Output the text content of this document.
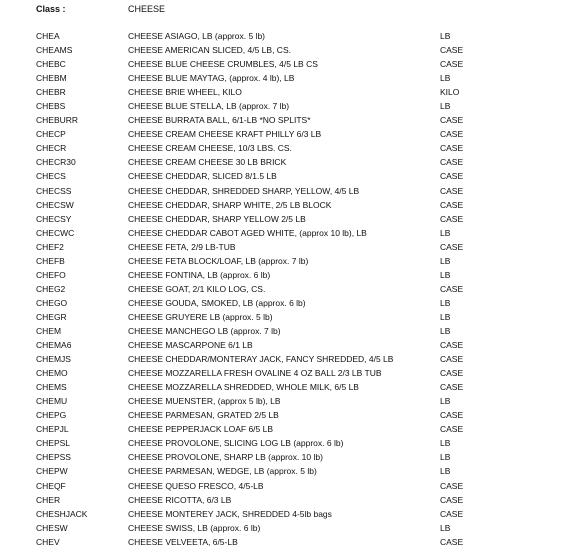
Class :	CHEESE
CHEA	CHEESE ASIAGO, LB (approx. 5 lb)	LB
CHEAMS	CHEESE AMERICAN SLICED, 4/5 LB, CS.	CASE
CHEBC	CHEESE BLUE CHEESE CRUMBLES, 4/5 LB CS	CASE
CHEBM	CHEESE BLUE MAYTAG, (approx. 4 lb), LB	LB
CHEBR	CHEESE BRIE WHEEL, KILO	KILO
CHEBS	CHEESE BLUE STELLA, LB (approx. 7 lb)	LB
CHEBURR	CHEESE BURRATA BALL, 6/1-LB *NO SPLITS*	CASE
CHECP	CHEESE CREAM CHEESE KRAFT PHILLY 6/3 LB	CASE
CHECR	CHEESE CREAM CHEESE, 10/3 LBS. CS.	CASE
CHECR30	CHEESE CREAM CHEESE 30 LB BRICK	CASE
CHECS	CHEESE CHEDDAR, SLICED 8/1.5 LB	CASE
CHECSS	CHEESE CHEDDAR, SHREDDED SHARP, YELLOW, 4/5 LB	CASE
CHECSW	CHEESE CHEDDAR, SHARP WHITE, 2/5 LB BLOCK	CASE
CHECSY	CHEESE CHEDDAR, SHARP YELLOW 2/5 LB	CASE
CHECWC	CHEESE CHEDDAR CABOT AGED WHITE, (approx 10 lb), LB	LB
CHEF2	CHEESE FETA, 2/9 LB-TUB	CASE
CHEFB	CHEESE FETA BLOCK/LOAF, LB (approx. 7 lb)	LB
CHEFO	CHEESE FONTINA, LB (approx. 6 lb)	LB
CHEG2	CHEESE GOAT, 2/1 KILO LOG, CS.	CASE
CHEGO	CHEESE GOUDA, SMOKED, LB (approx. 6 lb)	LB
CHEGR	CHEESE GRUYERE LB (approx. 5 lb)	LB
CHEM	CHEESE MANCHEGO LB (approx. 7 lb)	LB
CHEMA6	CHEESE MASCARPONE 6/1 LB	CASE
CHEMJS	CHEESE CHEDDAR/MONTERAY JACK, FANCY SHREDDED, 4/5 LB	CASE
CHEMO	CHEESE MOZZARELLA FRESH OVALINE 4 OZ BALL 2/3 LB TUB	CASE
CHEMS	CHEESE MOZZARELLA SHREDDED, WHOLE MILK, 6/5 LB	CASE
CHEMU	CHEESE MUENSTER, (approx 5 lb), LB	LB
CHEPG	CHEESE PARMESAN, GRATED 2/5 LB	CASE
CHEPJL	CHEESE PEPPERJACK LOAF 6/5 LB	CASE
CHEPSL	CHEESE PROVOLONE, SLICING LOG LB (approx. 6 lb)	LB
CHEPSS	CHEESE PROVOLONE, SHARP LB (approx. 10 lb)	LB
CHEPW	CHEESE PARMESAN, WEDGE, LB (approx. 5 lb)	LB
CHEQF	CHEESE QUESO FRESCO, 4/5-LB	CASE
CHER	CHEESE RICOTTA, 6/3 LB	CASE
CHESHJACK	CHEESE MONTEREY JACK, SHREDDED 4-5lb bags	CASE
CHESW	CHEESE SWISS, LB (approx. 6 lb)	LB
CHEV	CHEESE VELVEETA, 6/5-LB	CASE
